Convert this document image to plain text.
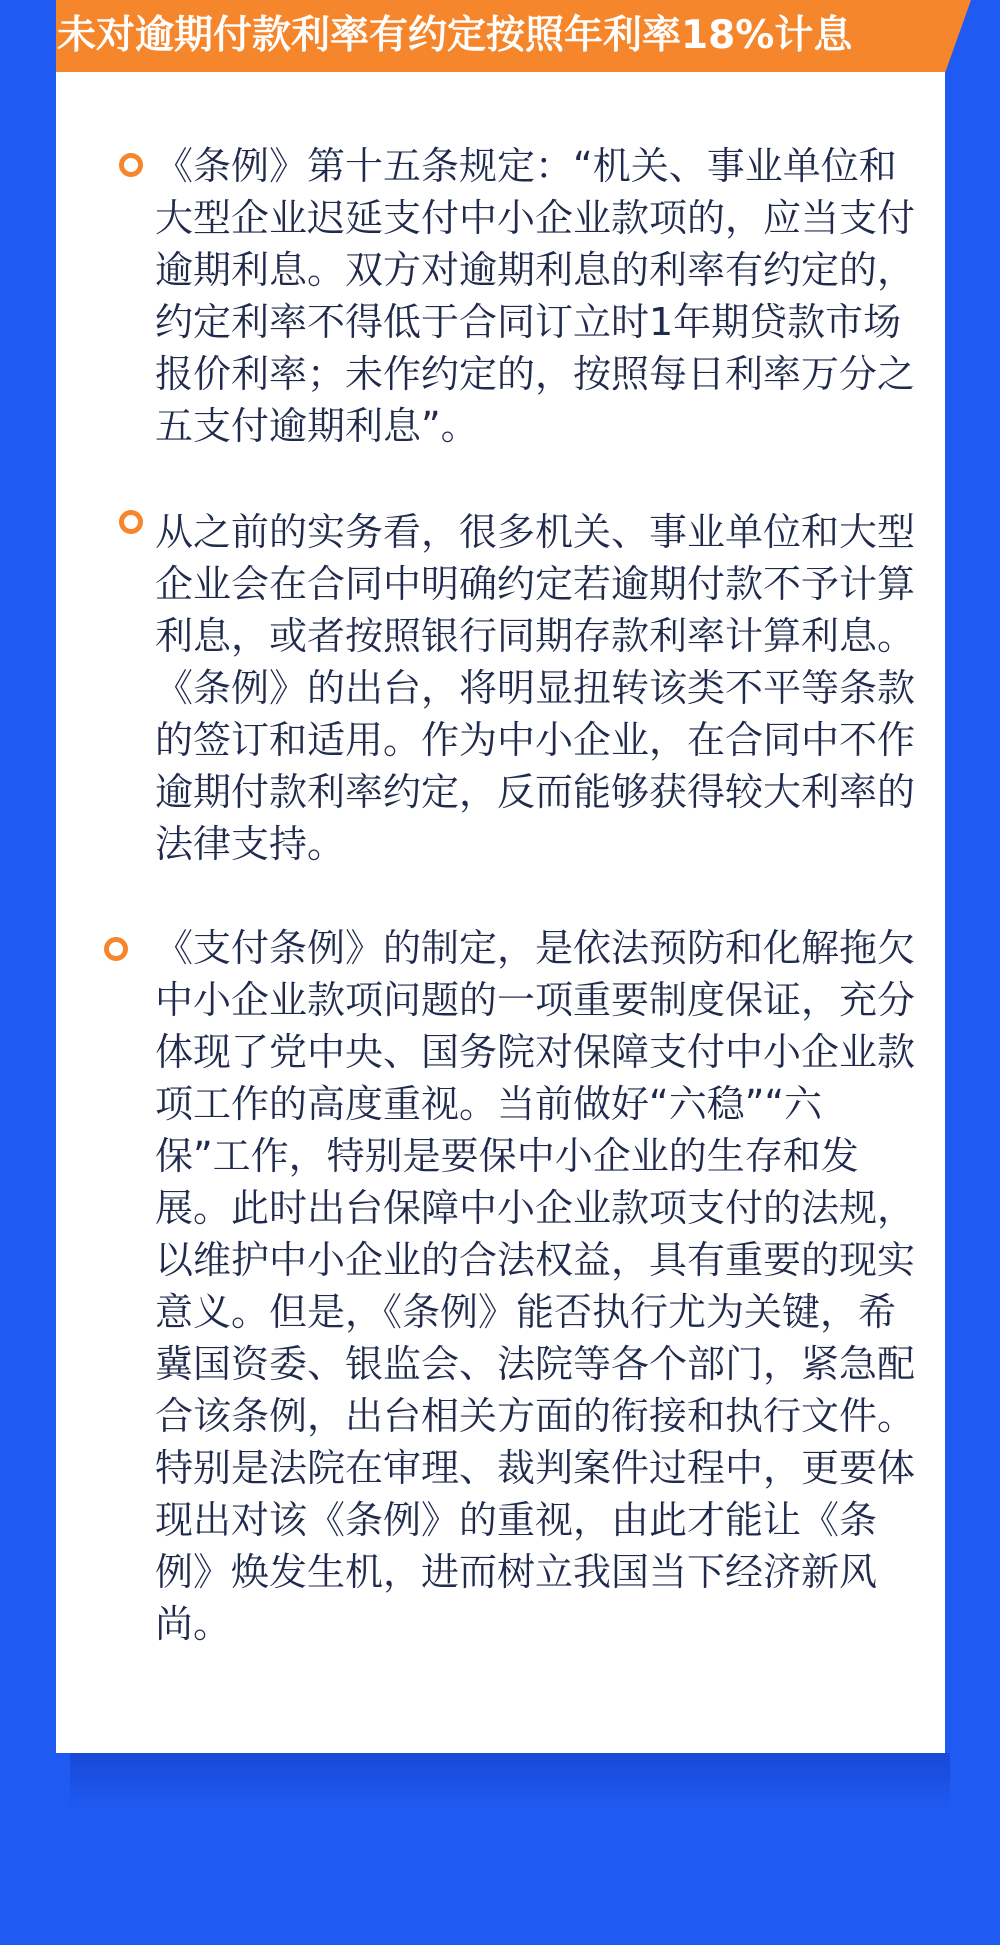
未对逾期付款利率有约定按照年利率18%计息
《条例》第十五条规定：“机关、事业单位和大型企业迟延支付中小企业款项的，应当支付逾期利息。双方对逾期利息的利率有约定的，约定利率不得低于合同订立时1年期贷款市场报价利率；未作约定的，按照每日利率万分之五支付逾期利息”。
从之前的实务看，很多机关、事业单位和大型企业会在合同中明确约定若逾期付款不予计算利息，或者按照银行同期存款利率计算利息。《条例》的出台，将明显扭转该类不平等条款的签订和适用。作为中小企业，在合同中不作逾期付款利率约定，反而能够获得较大利率的法律支持。
《支付条例》的制定，是依法预防和化解拖欠中小企业款项问题的一项重要制度保证，充分体现了党中央、国务院对保障支付中小企业款项工作的高度重视。当前做好“六稳”“六保”工作，特别是要保中小企业的生存和发展。此时出台保障中小企业款项支付的法规，以维护中小企业的合法权益，具有重要的现实意义。但是，《条例》能否执行尤为关键，希冀国资委、银监会、法院等各个部门，紧急配合该条例，出台相关方面的衔接和执行文件。特别是法院在审理、裁判案件过程中，更要体现出对该《条例》的重视，由此才能让《条例》焕发生机，进而树立我国当下经济新风尚。
